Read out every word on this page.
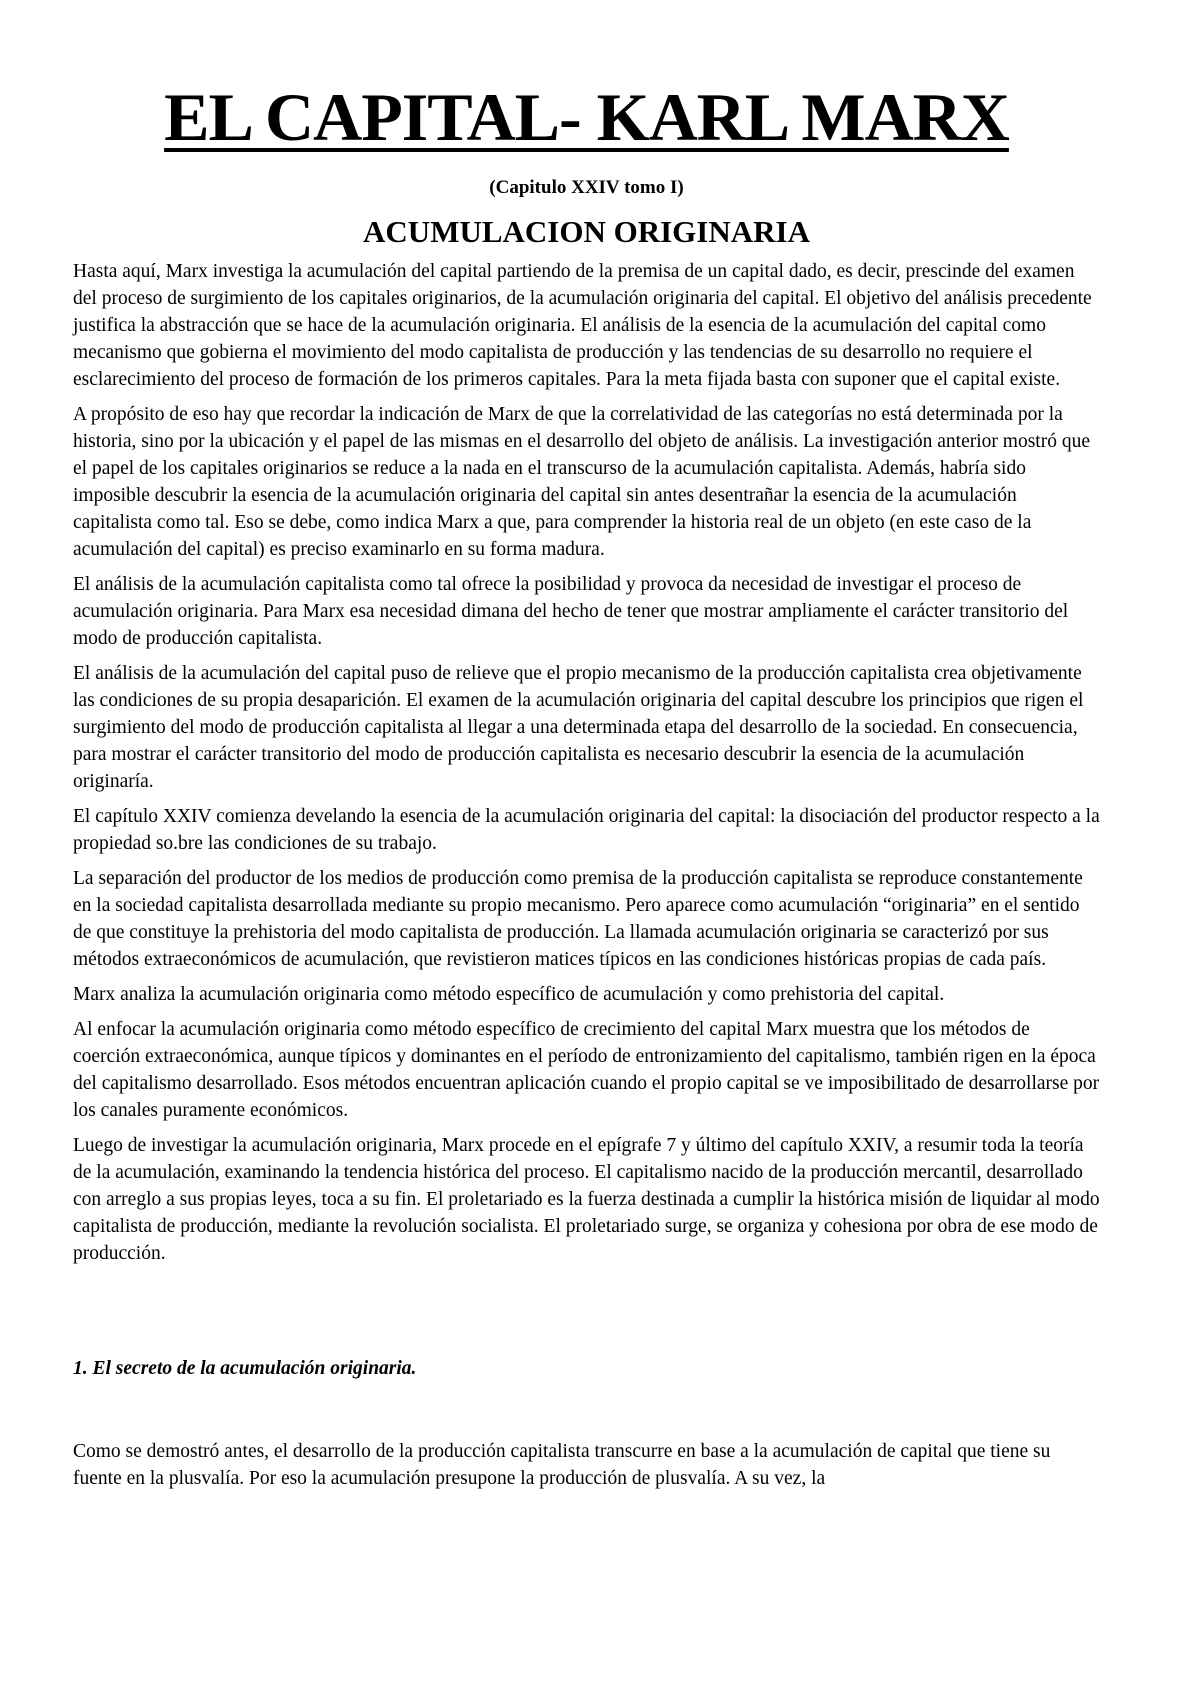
EL CAPITAL- KARL MARX
(Capitulo XXIV tomo I)
ACUMULACION ORIGINARIA

Hasta aquí, Marx investiga la acumulación del capital partiendo de la premisa de un capital dado, es decir, prescinde del examen del proceso de surgimiento de los capitales originarios, de la acumulación originaria del capital. El objetivo del análisis precedente justifica la abstracción que se hace de la acumulación originaria. El análisis de la esencia de la acumulación del capital como mecanismo que gobierna el movimiento del modo capitalista de producción y las tendencias de su desarrollo no requiere el esclarecimiento del proceso de formación de los primeros capitales. Para la meta fijada basta con suponer que el capital existe.

A propósito de eso hay que recordar la indicación de Marx de que la correlatividad de las categorías no está determinada por la historia, sino por la ubicación y el papel de las mismas en el desarrollo del objeto de análisis. La investigación anterior mostró que el papel de los capitales originarios se reduce a la nada en el transcurso de la acumulación capitalista. Además, habría sido imposible descubrir la esencia de la acumulación originaria del capital sin antes desentrañar la esencia de la acumulación capitalista como tal. Eso se debe, como indica Marx a que, para comprender la historia real de un objeto (en este caso de la acumulación del capital) es preciso examinarlo en su forma madura.

El análisis de la acumulación capitalista como tal ofrece la posibilidad y provoca da necesidad de investigar el proceso de acumulación originaria. Para Marx esa necesidad dimana del hecho de tener que mostrar ampliamente el carácter transitorio del modo de producción capitalista.

El análisis de la acumulación del capital puso de relieve que el propio mecanismo de la producción capitalista crea objetivamente las condiciones de su propia desaparición. El examen de la acumulación originaria del capital descubre los principios que rigen el surgimiento del modo de producción capitalista al llegar a una determinada etapa del desarrollo de la sociedad. En consecuencia, para mostrar el carácter transitorio del modo de producción capitalista es necesario descubrir la esencia de la acumulación originaría.

El capítulo XXIV comienza develando la esencia de la acumulación originaria del capital: la disociación del productor respecto a la propiedad so.bre las condiciones de su trabajo.

La separación del productor de los medios de producción como premisa de la producción capitalista se reproduce constantemente en la sociedad capitalista desarrollada mediante su propio mecanismo. Pero aparece como acumulación “originaria” en el sentido de que constituye la prehistoria del modo capitalista de producción. La llamada acumulación originaria se caracterizó por sus métodos extraeconómicos de acumulación, que revistieron matices típicos en las condiciones históricas propias de cada país.

Marx analiza la acumulación originaria como método específico de acumulación y como prehistoria del capital.

Al enfocar la acumulación originaria como método específico de crecimiento del capital Marx muestra que los métodos de coerción extraeconómica, aunque típicos y dominantes en el período de entronizamiento del capitalismo, también rigen en la época del capitalismo desarrollado. Esos métodos encuentran aplicación cuando el propio capital se ve imposibilitado de desarrollarse por los canales puramente económicos.

Luego de investigar la acumulación originaria, Marx procede en el epígrafe 7 y último del capítulo XXIV, a resumir toda la teoría de la acumulación, examinando la tendencia histórica del proceso. El capitalismo nacido de la producción mercantil, desarrollado con arreglo a sus propias leyes, toca a su fin. El proletariado es la fuerza destinada a cumplir la histórica misión de liquidar al modo capitalista de producción, mediante la revolución socialista. El proletariado surge, se organiza y cohesiona por obra de ese modo de producción.

1. El secreto de la acumulación originaria.

Como se demostró antes, el desarrollo de la producción capitalista transcurre en base a la acumulación de capital que tiene su fuente en la plusvalía. Por eso la acumulación presupone la producción de plusvalía. A su vez, la
